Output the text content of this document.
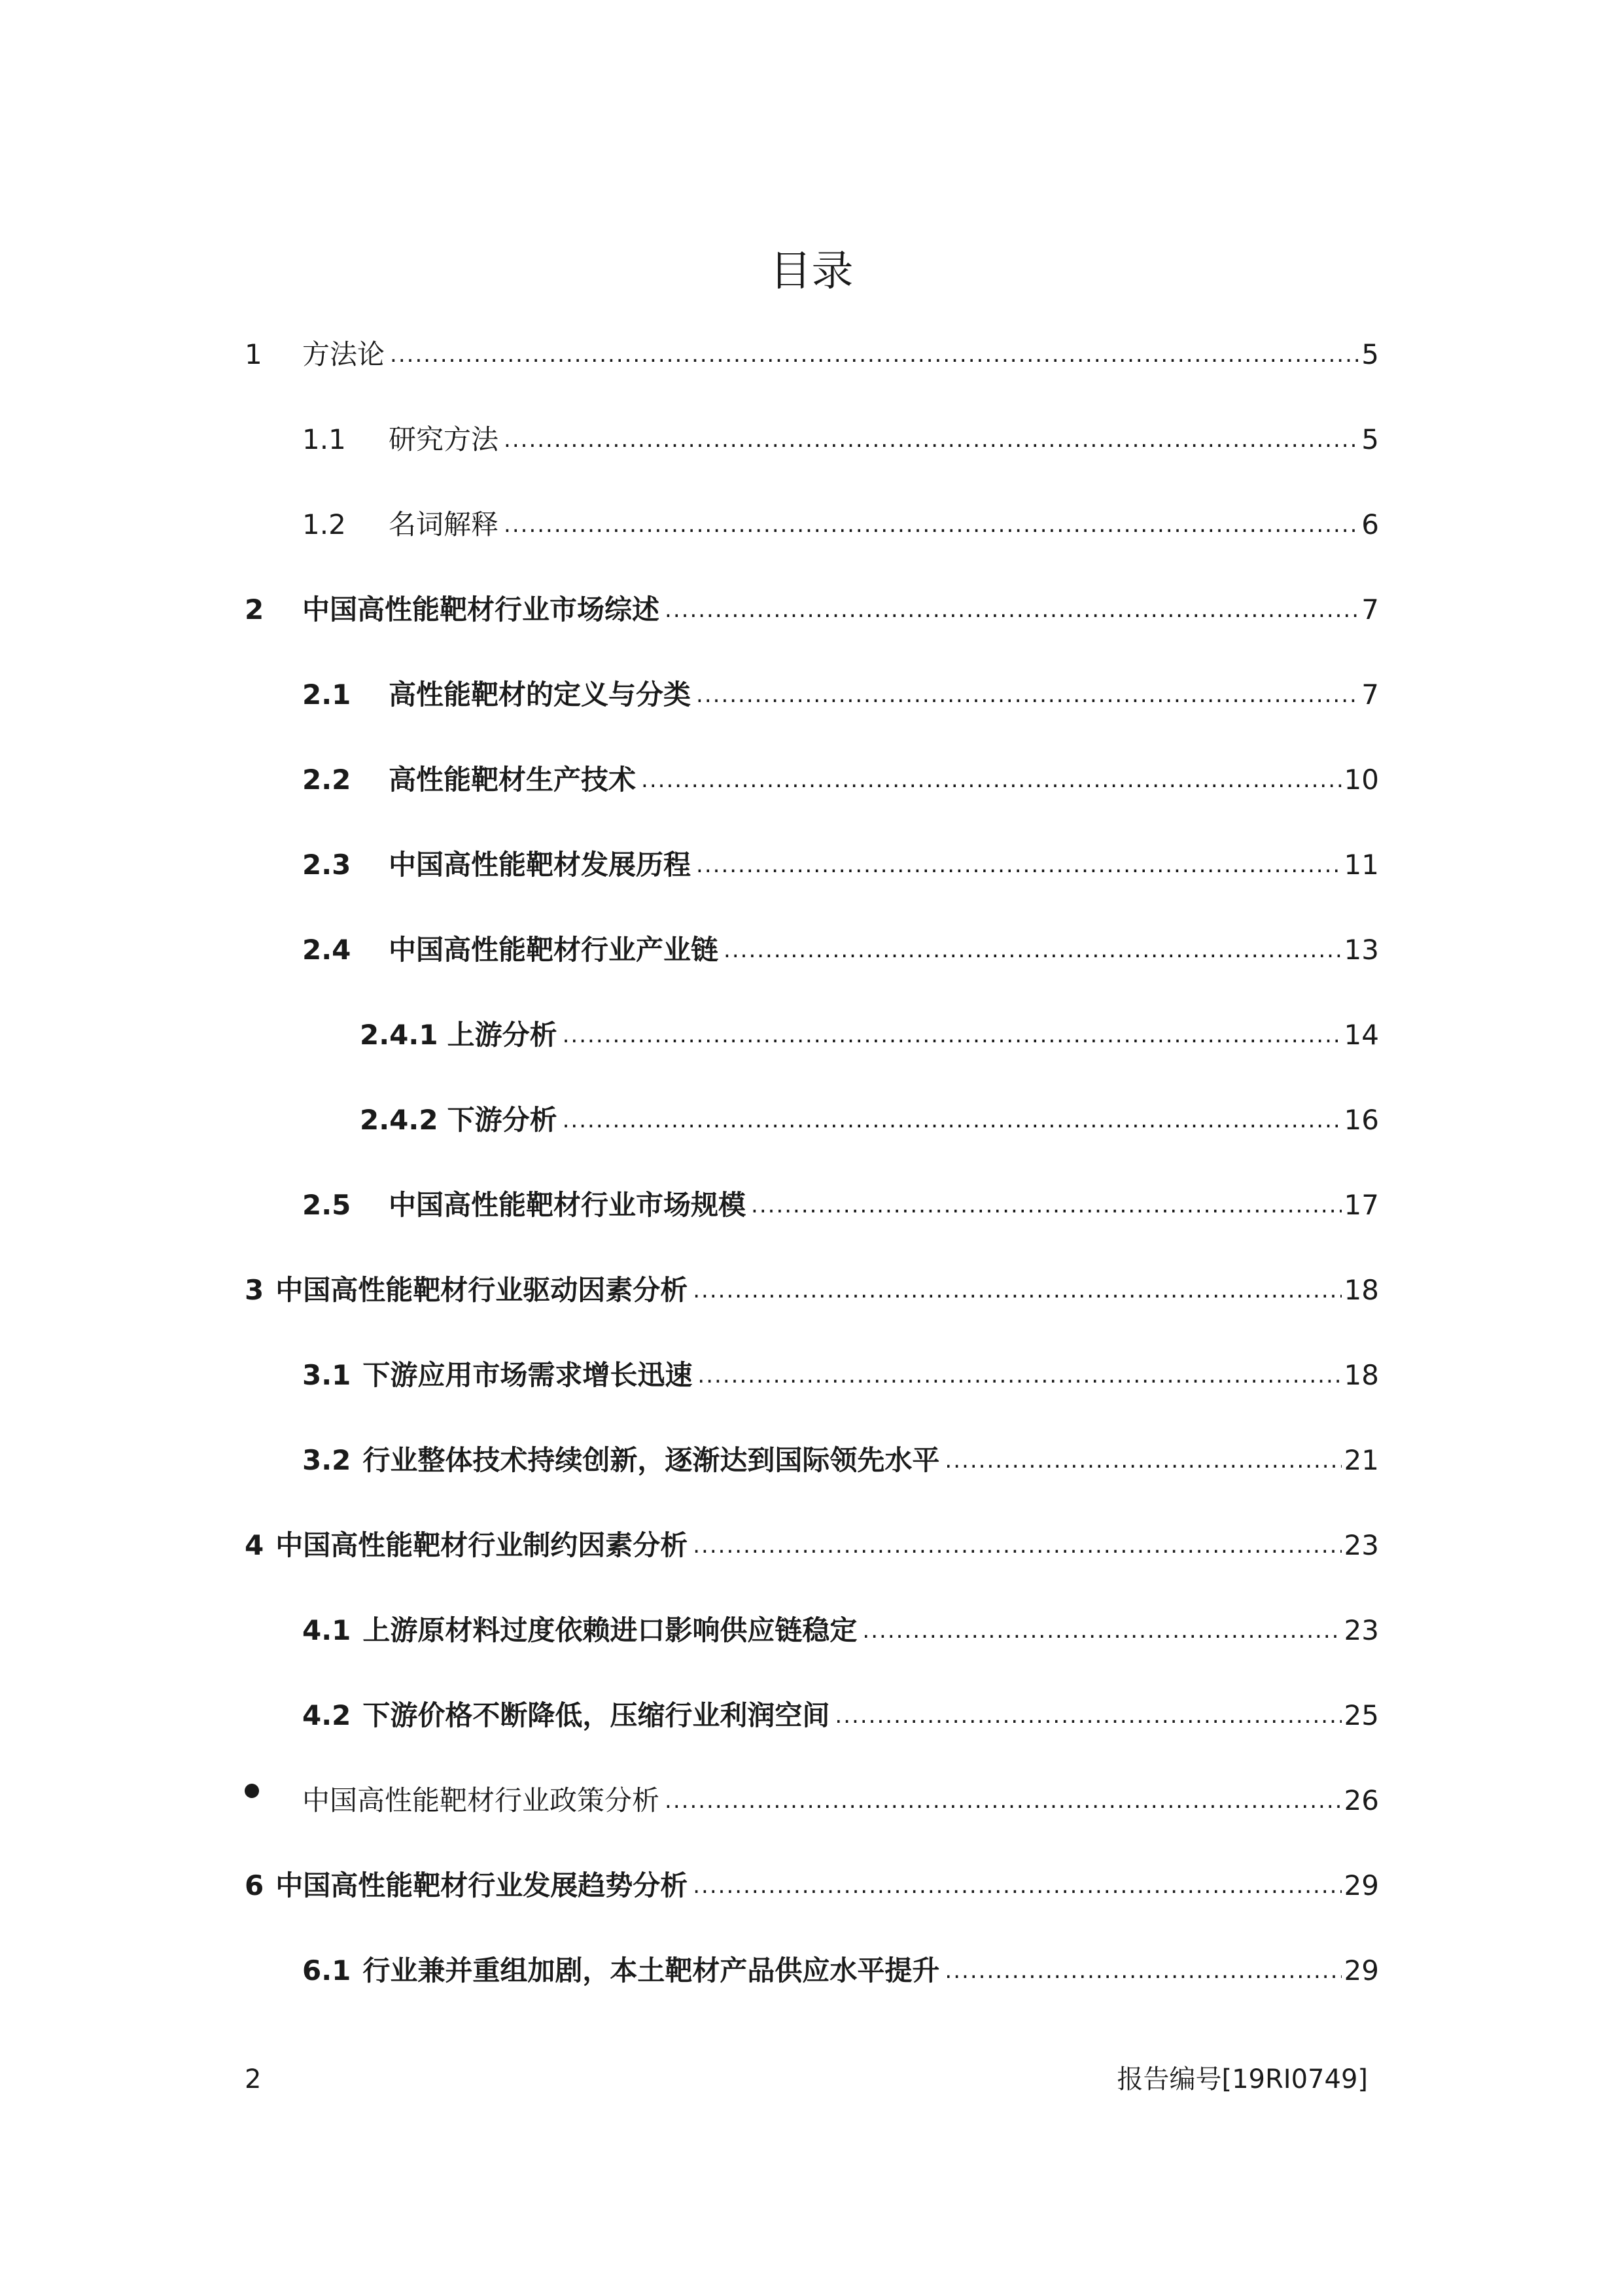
目录
1	方法论 .....	5
1.1	研究方法 .....	5
1.2	名词解释 .....	6
2	中国高性能靶材行业市场综述 .....	7
2.1	高性能靶材的定义与分类 .....	7
2.2	高性能靶材生产技术 .....	10
2.3	中国高性能靶材发展历程 .....	11
2.4	中国高性能靶材行业产业链 .....	13
2.4.1 上游分析 .....	14
2.4.2 下游分析 .....	16
2.5	中国高性能靶材行业市场规模 .....	17
3 中国高性能靶材行业驱动因素分析 .....	18
3.1 下游应用市场需求增长迅速 .....	18
3.2 行业整体技术持续创新，逐渐达到国际领先水平 .....	21
4 中国高性能靶材行业制约因素分析 .....	23
4.1 上游原材料过度依赖进口影响供应链稳定 .....	23
4.2 下游价格不断降低，压缩行业利润空间 .....	25
中国高性能靶材行业政策分析 .....	26
6 中国高性能靶材行业发展趋势分析 .....	29
6.1 行业兼并重组加剧，本土靶材产品供应水平提升 .....	29
2	报告编号[19RI0749]
